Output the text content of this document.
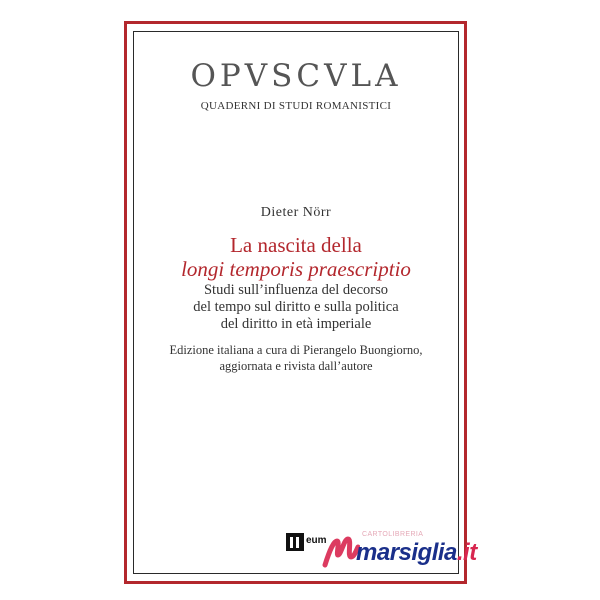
OPVSCVLA
QUADERNI DI STUDI ROMANISTICI
Dieter Nörr
La nascita della
longi temporis praescriptio
Studi sull’influenza del decorso
del tempo sul diritto e sulla politica
del diritto in età imperiale
Edizione italiana a cura di Pierangelo Buongiorno,
aggiornata e rivista dall’autore
eum
CARTOLIBRERIA
marsiglia.it
